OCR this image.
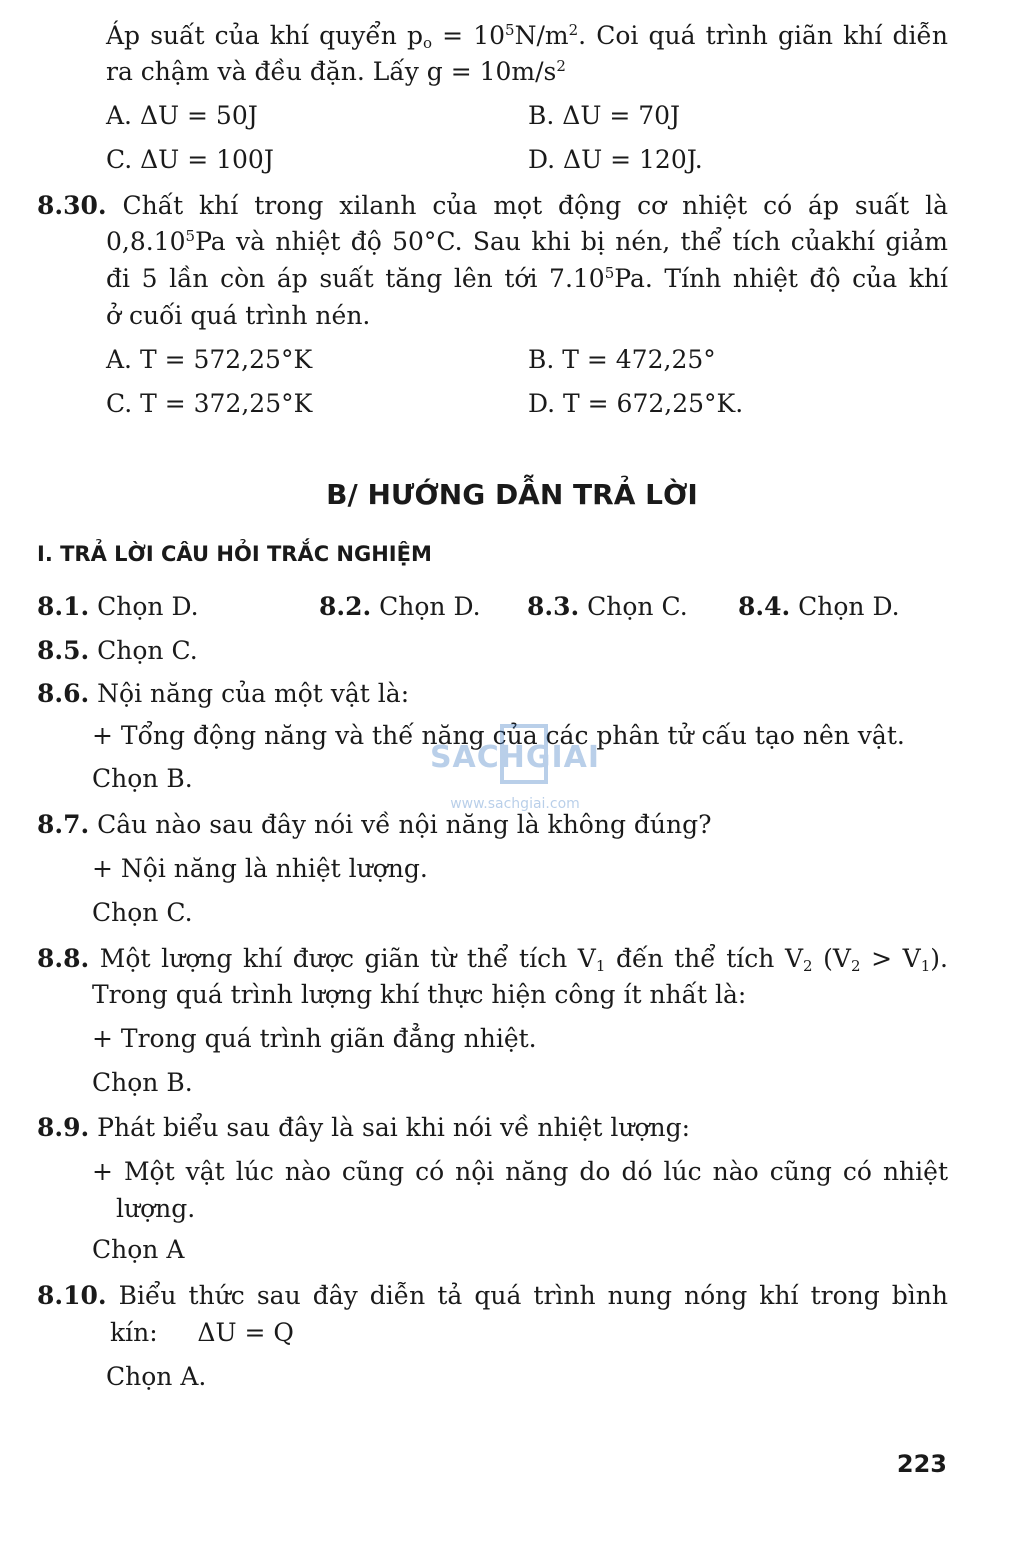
Áp suất của khí quyển $p_o = 10^5N/m^2$. Coi quá trình giãn khí diễn
ra chậm và đều đặn. Lấy $g = 10m/s^2$
A. ΔU = 50J	B. ΔU = 70J
C. ΔU = 100J	D. ΔU = 120J.
8.30. Chất khí trong xilanh của mọt động cơ nhiệt có áp suất là
0,8.10$^5$Pa và nhiệt độ 50°C. Sau khi bị nén, thể tích củakhí giảm
đi 5 lần còn áp suất tăng lên tới 7.10$^5$Pa. Tính nhiệt độ của khí
ở cuối quá trình nén.
A. T = 572,25°K	B. T = 472,25°
C. T = 372,25°K	D. T = 672,25°K.
B/ HƯỚNG DẪN TRẢ LỜI
I. TRẢ LỜI CÂU HỎI TRẮC NGHIỆM
8.1. Chọn D.	8.2. Chọn D. 8.3. Chọn C. 8.4. Chọn D.
8.5. Chọn C.
8.6. Nội năng của một vật là:
+ Tổng động năng và thế năng của các phân tử cấu tạo nên vật.
Chọn B.
8.7. Câu nào sau đây nói về nội năng là không đúng?
+ Nội năng là nhiệt lượng.
Chọn C.
8.8. Một lượng khí được giãn từ thể tích $V_1$ đến thể tích $V_2$ $(V_2 > V_1)$.
Trong quá trình lượng khí thực hiện công ít nhất là:
+ Trong quá trình giãn đẳng nhiệt.
Chọn B.
8.9. Phát biểu sau đây là sai khi nói về nhiệt lượng:
+ Một vật lúc nào cũng có nội năng do dó lúc nào cũng có nhiệt
lượng.
Chọn A
8.10. Biểu thức sau đây diễn tả quá trình nung nóng khí trong bình
kín:     ΔU = Q
Chọn A.
SACHGIAI
www.sachgiai.com
223
